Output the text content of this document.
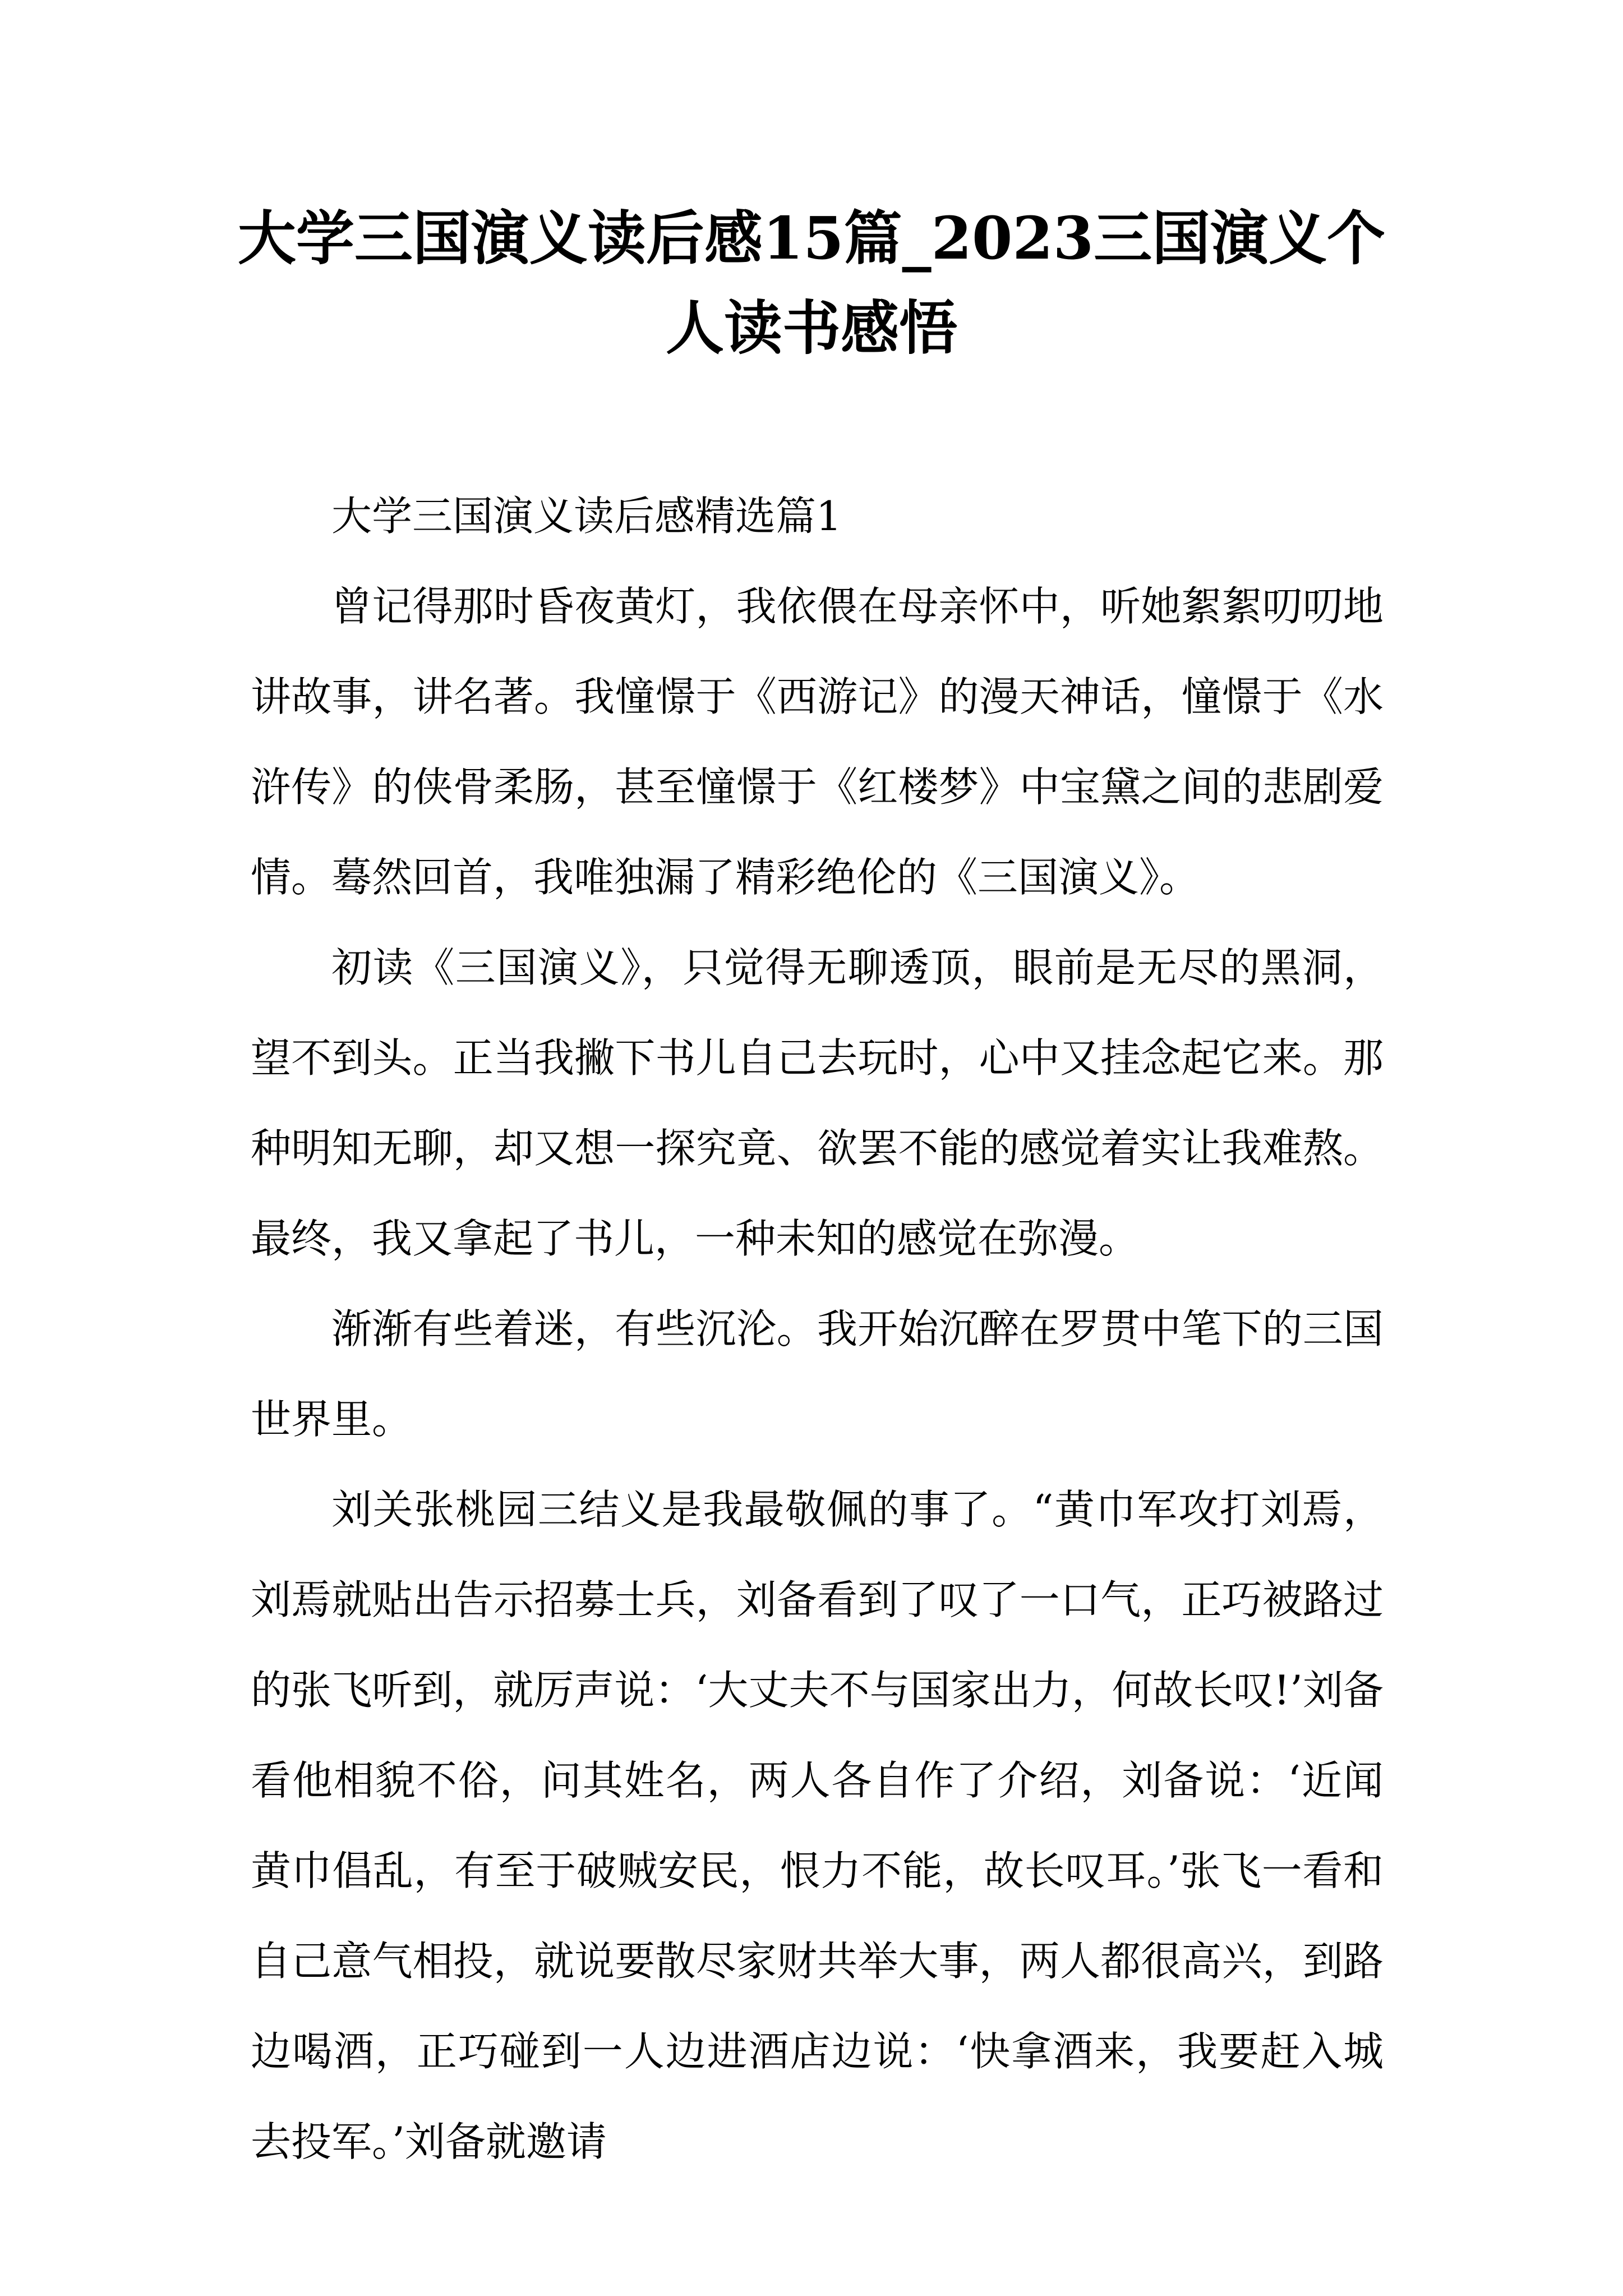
大学三国演义读后感15篇_2023三国演义个人读书感悟

大学三国演义读后感精选篇1

曾记得那时昏夜黄灯，我依偎在母亲怀中，听她絮絮叨叨地讲故事，讲名著。我憧憬于《西游记》的漫天神话，憧憬于《水浒传》的侠骨柔肠，甚至憧憬于《红楼梦》中宝黛之间的悲剧爱情。蓦然回首，我唯独漏了精彩绝伦的《三国演义》。

初读《三国演义》，只觉得无聊透顶，眼前是无尽的黑洞，望不到头。正当我撇下书儿自己去玩时，心中又挂念起它来。那种明知无聊，却又想一探究竟、欲罢不能的感觉着实让我难熬。最终，我又拿起了书儿，一种未知的感觉在弥漫。

渐渐有些着迷，有些沉沦。我开始沉醉在罗贯中笔下的三国世界里。

刘关张桃园三结义是我最敬佩的事了。“黄巾军攻打刘焉，刘焉就贴出告示招募士兵，刘备看到了叹了一口气，正巧被路过的张飞听到，就厉声说：‘大丈夫不与国家出力，何故长叹!’刘备看他相貌不俗，问其姓名，两人各自作了介绍，刘备说：‘近闻黄巾倡乱，有至于破贼安民，恨力不能，故长叹耳。’张飞一看和自己意气相投，就说要散尽家财共举大事，两人都很高兴，到路边喝酒，正巧碰到一人边进酒店边说：‘快拿酒来，我要赶入城去投军。’刘备就邀请
